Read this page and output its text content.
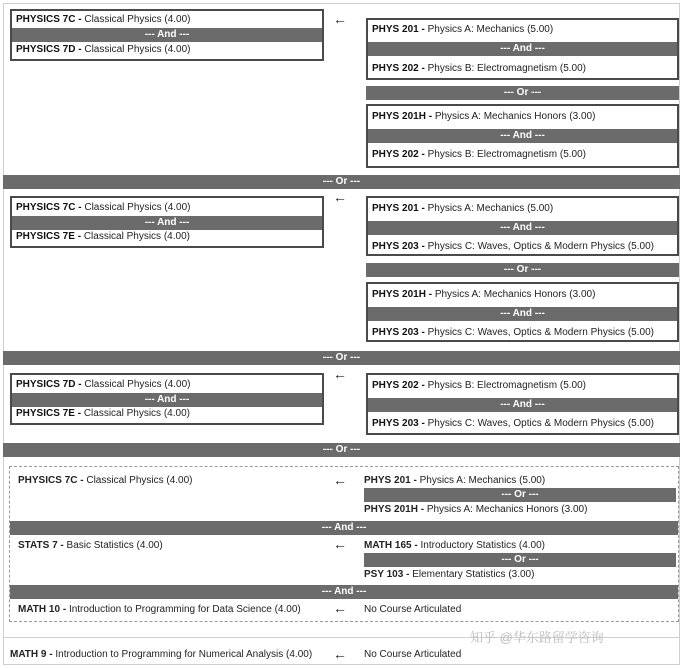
PHYSICS 7C - Classical Physics (4.00)
--- And ---
PHYSICS 7D - Classical Physics (4.00)
←
PHYS 201 - Physics A: Mechanics (5.00)
--- And ---
PHYS 202 - Physics B: Electromagnetism (5.00)
--- Or ---
PHYS 201H - Physics A: Mechanics Honors (3.00)
--- And ---
PHYS 202 - Physics B: Electromagnetism (5.00)
--- Or ---
PHYSICS 7C - Classical Physics (4.00)
--- And ---
PHYSICS 7E - Classical Physics (4.00)
←
PHYS 201 - Physics A: Mechanics (5.00)
--- And ---
PHYS 203 - Physics C: Waves, Optics & Modern Physics (5.00)
--- Or ---
PHYS 201H - Physics A: Mechanics Honors (3.00)
--- And ---
PHYS 203 - Physics C: Waves, Optics & Modern Physics (5.00)
--- Or ---
PHYSICS 7D - Classical Physics (4.00)
--- And ---
PHYSICS 7E - Classical Physics (4.00)
←
PHYS 202 - Physics B: Electromagnetism (5.00)
--- And ---
PHYS 203 - Physics C: Waves, Optics & Modern Physics (5.00)
--- Or ---
PHYSICS 7C - Classical Physics (4.00)	← PHYS 201 - Physics A: Mechanics (5.00)
--- Or ---
PHYS 201H - Physics A: Mechanics Honors (3.00)
--- And ---
STATS 7 - Basic Statistics (4.00)	← MATH 165 - Introductory Statistics (4.00)
--- Or ---
PSY 103 - Elementary Statistics (3.00)
--- And ---
MATH 10 - Introduction to Programming for Data Science (4.00) ← No Course Articulated
MATH 9 - Introduction to Programming for Numerical Analysis (4.00) ← No Course Articulated
知乎 @华东路留学咨询
